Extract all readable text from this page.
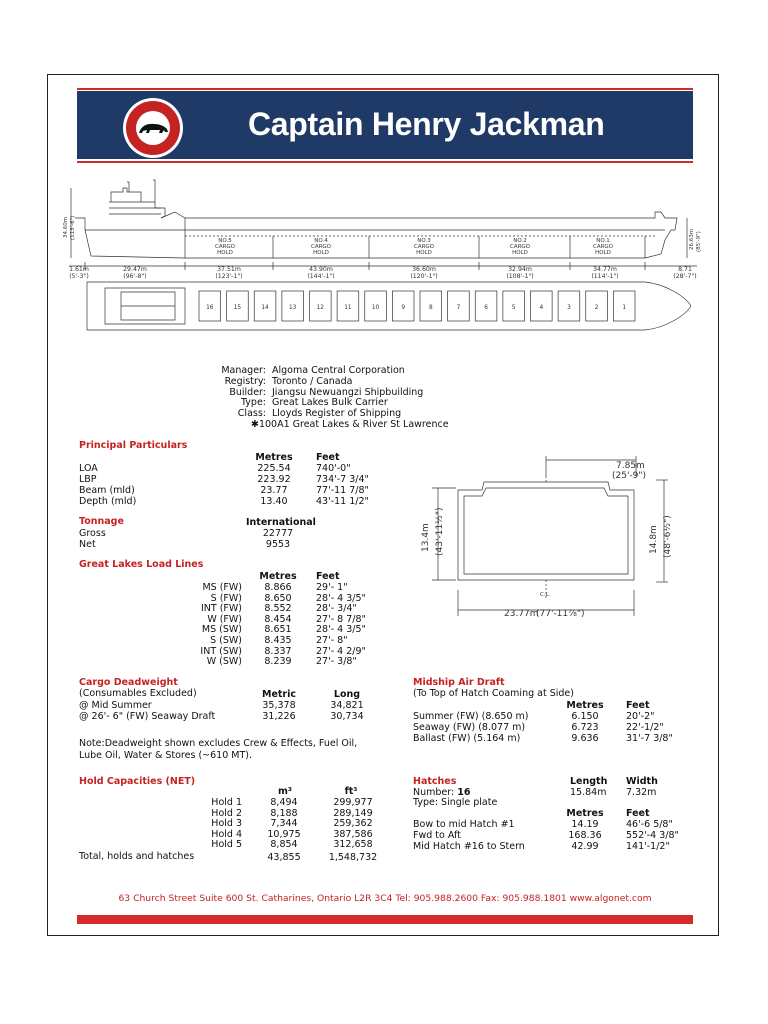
Captain Henry Jackman
NO.5	NO.4	NO.3	NO.2	NO.1
CARGO	CARGO	CARGO	CARGO	CARGO
HOLD	HOLD	HOLD	HOLD	HOLD
1.61m
(5'-3")
29.47m
(96'-8")
37.51m
(123'-1")
43.90m
(144'-1")
36.60m
(120'-1")
32.94m
(108'-1")
34.77m
(114'-1")
8.71
(28'-7")
34.60m (113'-6")	26.63m (85'-9")
16	15	14	13	12	11	10	9	8	7	6	5	4	3	2	1
Manager: Algoma Central Corporation
Registry: Toronto / Canada
Builder: Jiangsu Newuangzi Shipbuilding
Type: Great Lakes Bulk Carrier
Class: Lloyds Register of Shipping
✱100A1 Great Lakes & River St Lawrence
Principal Particulars
Metres	Feet
LOA	225.54	740'-0"
LBP	223.92	734'-7 3/4"
Beam (mld)	23.77	77'-11 7/8"
Depth (mld)	13.40	43'-11 1/2"
Tonnage	International
Gross	22777
Net	9553
Great Lakes Load Lines
Metres	Feet
MS (FW)	8.866	29'- 1"
S (FW)	8.650	28'- 4 3/5"
INT (FW)	8.552	28'- 3/4"
W (FW)	8.454	27'- 8 7/8"
MS (SW)	8.651	28'- 4 3/5"
S (SW)	8.435	27'- 8"
INT (SW)	8.337	27'- 4 2/9"
W (SW)	8.239	27'- 3/8"
7.85m
(25'-9")
13.4m (43'-11½")	14.8m (48'-6½")
23.77m
(77'-11⅞")
C.L.
Cargo Deadweight
(Consumables Excluded)	Metric	Long
@ Mid Summer	35,378	34,821
@ 26'- 6" (FW) Seaway Draft	31,226	30,734
Note:Deadweight shown excludes Crew & Effects, Fuel Oil,
Lube Oil, Water & Stores (~610 MT).
Midship Air Draft
(To Top of Hatch Coaming at Side)
Metres	Feet
Summer (FW) (8.650 m)	6.150	20'-2"
Seaway (FW) (8.077 m)	6.723	22'-1/2"
Ballast (FW) (5.164 m)	9.636	31'-7 3/8"
Hold Capacities (NET)
m³	ft³
Hold 1	8,494	299,977
Hold 2	8,188	289,149
Hold 3	7,344	259,362
Hold 4	10,975	387,586
Hold 5	8,854	312,658
Total, holds and hatches	43,855	1,548,732
Hatches	Length Width
Number: 16	15.84m 7.32m
Type: Single plate
Metres	Feet
Bow to mid Hatch #1	14.19	46'-6 5/8"
Fwd to Aft	168.36	552'-4 3/8"
Mid Hatch #16 to Stern	42.99	141'-1/2"
63 Church Street Suite 600 St. Catharines, Ontario L2R 3C4 Tel: 905.988.2600 Fax: 905.988.1801 www.algonet.com
